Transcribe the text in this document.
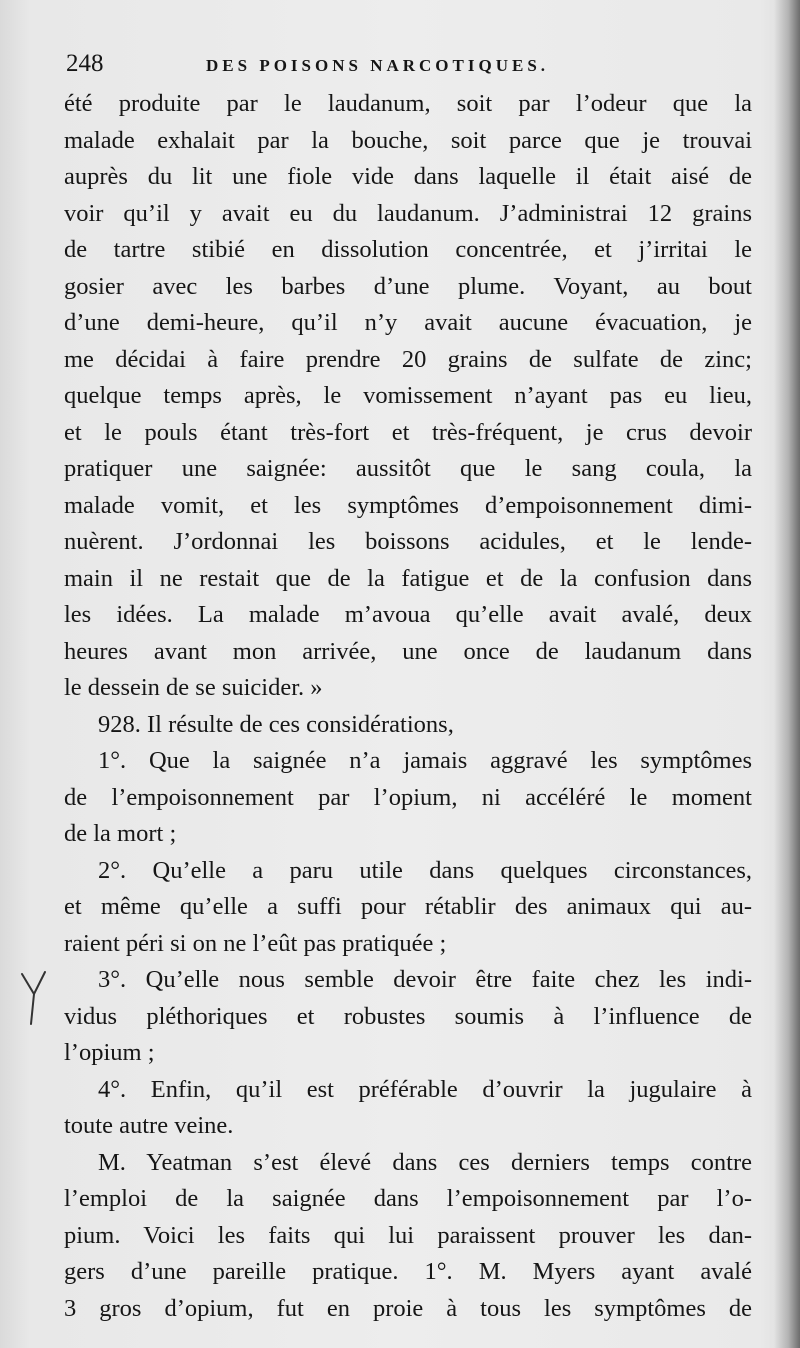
248	DES POISONS NARCOTIQUES.
été produite par le laudanum, soit par l’odeur que la
malade exhalait par la bouche, soit parce que je trouvai
auprès du lit une fiole vide dans laquelle il était aisé de
voir qu’il y avait eu du laudanum. J’administrai 12 grains
de tartre stibié en dissolution concentrée, et j’irritai le
gosier avec les barbes d’une plume. Voyant, au bout
d’une demi-heure, qu’il n’y avait aucune évacuation, je
me décidai à faire prendre 20 grains de sulfate de zinc;
quelque temps après, le vomissement n’ayant pas eu lieu,
et le pouls étant très-fort et très-fréquent, je crus devoir
pratiquer une saignée: aussitôt que le sang coula, la
malade vomit, et les symptômes d’empoisonnement dimi-
nuèrent. J’ordonnai les boissons acidules, et le lende-
main il ne restait que de la fatigue et de la confusion dans
les idées. La malade m’avoua qu’elle avait avalé, deux
heures avant mon arrivée, une once de laudanum dans
le dessein de se suicider. »
928. Il résulte de ces considérations,
1°. Que la saignée n’a jamais aggravé les symptômes
de l’empoisonnement par l’opium, ni accéléré le moment
de la mort ;
2°. Qu’elle a paru utile dans quelques circonstances,
et même qu’elle a suffi pour rétablir des animaux qui au-
raient péri si on ne l’eût pas pratiquée ;
3°. Qu’elle nous semble devoir être faite chez les indi-
vidus pléthoriques et robustes soumis à l’influence de
l’opium ;
4°. Enfin, qu’il est préférable d’ouvrir la jugulaire à
toute autre veine.
M. Yeatman s’est élevé dans ces derniers temps contre
l’emploi de la saignée dans l’empoisonnement par l’o-
pium. Voici les faits qui lui paraissent prouver les dan-
gers d’une pareille pratique. 1°. M. Myers ayant avalé
3 gros d’opium, fut en proie à tous les symptômes de
